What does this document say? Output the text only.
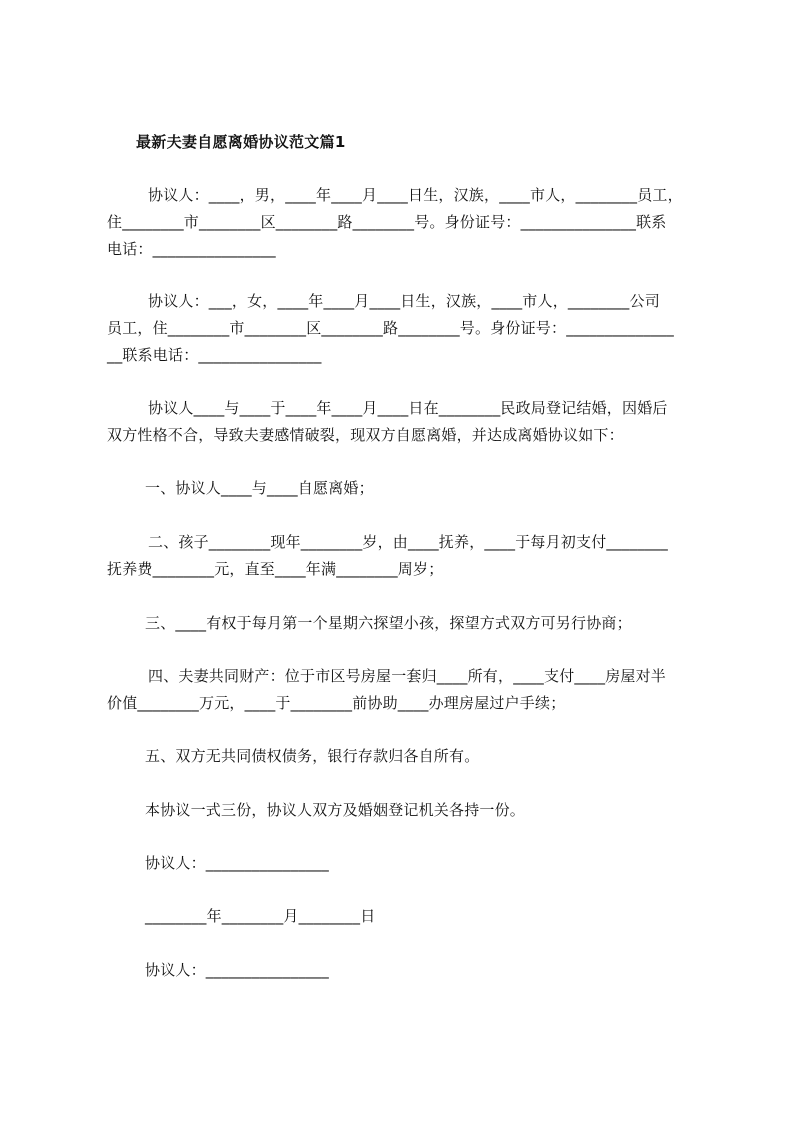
最新夫妻自愿离婚协议范文篇1
协议人：____，男，____年____月____日生，汉族，____市人，________员工，
住________市________区________路________号。身份证号：_______________联系
电话：________________
协议人：___，女，____年____月____日生，汉族，____市人，________公司
员工，住________市________区________路________号。身份证号：______________
__联系电话：________________
协议人____与____于____年____月____日在________民政局登记结婚，因婚后
双方性格不合，导致夫妻感情破裂，现双方自愿离婚，并达成离婚协议如下：
一、协议人____与____自愿离婚；
二、孩子________现年________岁，由____抚养，____于每月初支付________
抚养费________元，直至____年满________周岁；
三、____有权于每月第一个星期六探望小孩，探望方式双方可另行协商；
四、夫妻共同财产：位于市区号房屋一套归____所有，____支付____房屋对半
价值________万元，____于________前协助____办理房屋过户手续；
五、双方无共同债权债务，银行存款归各自所有。
本协议一式三份，协议人双方及婚姻登记机关各持一份。
协议人：________________
________年________月________日
协议人：________________
